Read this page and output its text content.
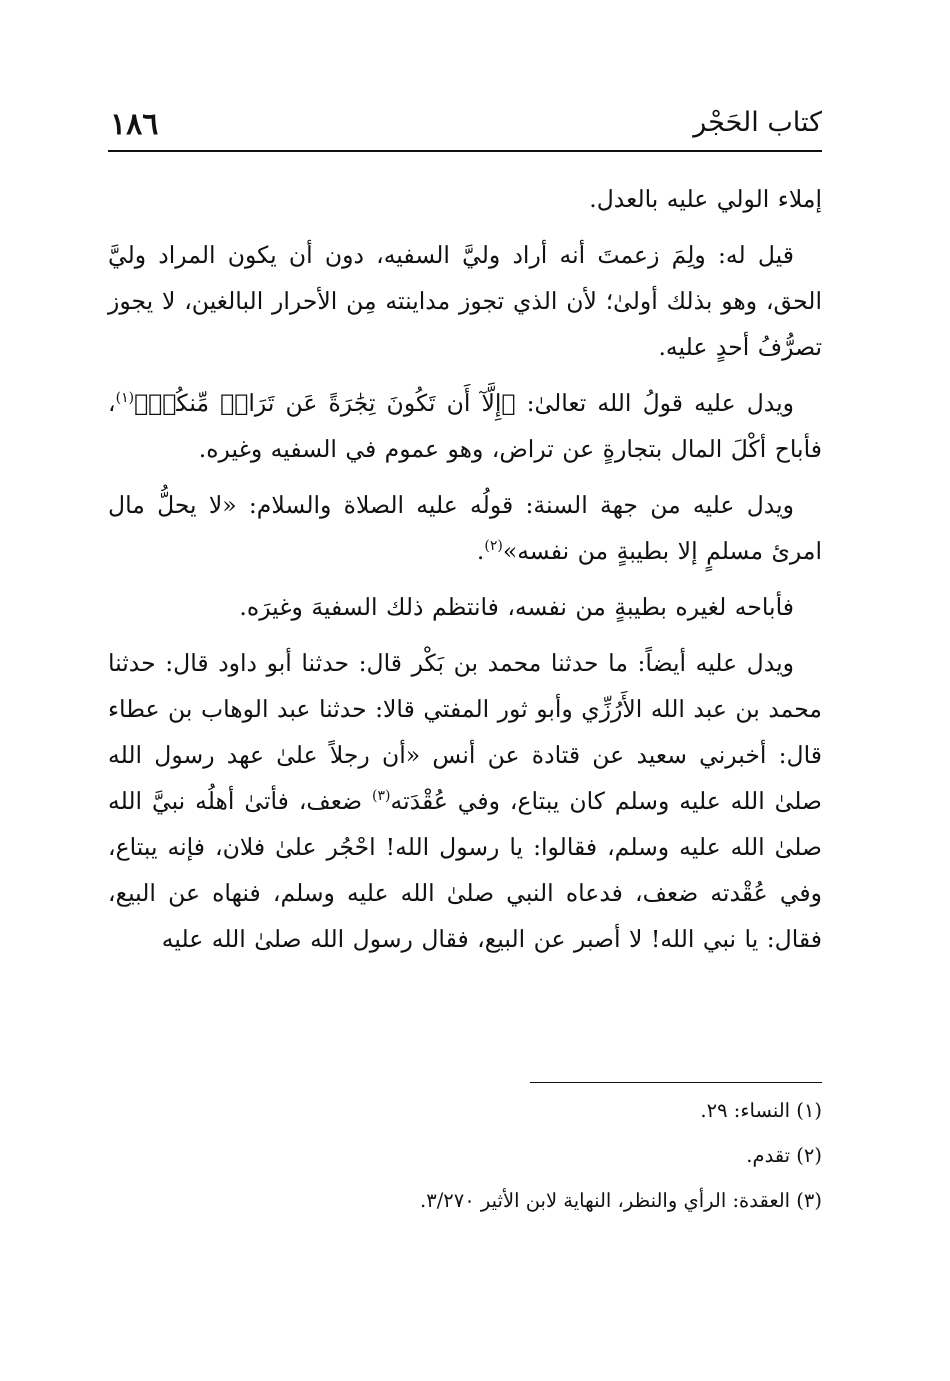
كتاب الحَجْر
١٨٦

إملاء الولي عليه بالعدل.

قيل له: ولِمَ زعمتَ أنه أراد وليَّ السفيه، دون أن يكون المراد وليَّ الحق، وهو بذلك أولىٰ؛ لأن الذي تجوز مداينته مِن الأحرار البالغين، لا يجوز تصرُّفُ أحدٍ عليه.

ويدل عليه قولُ الله تعالىٰ: ﴿إِلَّآ أَن تَكُونَ تِجَٰرَةً عَن تَرَاضٖ مِّنكُمۡ﴾$^{(١)}$، فأباح أكْلَ المال بتجارةٍ عن تراض، وهو عموم في السفيه وغيره.

ويدل عليه من جهة السنة: قولُه عليه الصلاة والسلام: «لا يحلُّ مال امرئ مسلمٍ إلا بطيبةٍ من نفسه»$^{(٢)}$.

فأباحه لغيره بطيبةٍ من نفسه، فانتظم ذلك السفيهَ وغيرَه.

ويدل عليه أيضاً: ما حدثنا محمد بن بَكْر قال: حدثنا أبو داود قال: حدثنا محمد بن عبد الله الأَرُزِّي وأبو ثور المفتي قالا: حدثنا عبد الوهاب بن عطاء قال: أخبرني سعيد عن قتادة عن أنس «أن رجلاً علىٰ عهد رسول الله صلىٰ الله عليه وسلم كان يبتاع، وفي عُقْدَته$^{(٣)}$ ضعف، فأتىٰ أهلُه نبيَّ الله صلىٰ الله عليه وسلم، فقالوا: يا رسول الله! احْجُر علىٰ فلان، فإنه يبتاع، وفي عُقْدته ضعف، فدعاه النبي صلىٰ الله عليه وسلم، فنهاه عن البيع، فقال: يا نبي الله! لا أصبر عن البيع، فقال رسول الله صلىٰ الله عليه

(١) النساء: ٢٩.
(٢) تقدم.
(٣) العقدة: الرأي والنظر، النهاية لابن الأثير ٣/٢٧٠.
